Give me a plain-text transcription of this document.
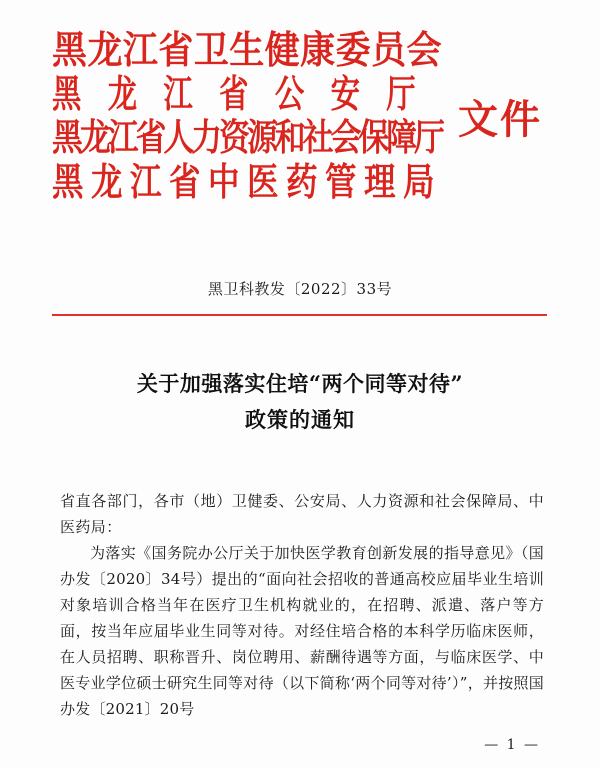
黑龙江省卫生健康委员会
黑龙江省公安厅
黑龙江省人力资源和社会保障厅
黑龙江省中医药管理局
文件
黑卫科教发〔2022〕33号
关于加强落实住培“两个同等对待”
政策的通知

省直各部门，各市（地）卫健委、公安局、人力资源和社会保障局、中医药局：

为落实《国务院办公厅关于加快医学教育创新发展的指导意见》（国办发〔2020〕34号）提出的“面向社会招收的普通高校应届毕业生培训对象培训合格当年在医疗卫生机构就业的，在招聘、派遣、落户等方面，按当年应届毕业生同等对待。对经住培合格的本科学历临床医师，在人员招聘、职称晋升、岗位聘用、薪酬待遇等方面，与临床医学、中医专业学位硕士研究生同等对待（以下简称‘两个同等对待’）”，并按照国办发〔2021〕20号

— 1 —
